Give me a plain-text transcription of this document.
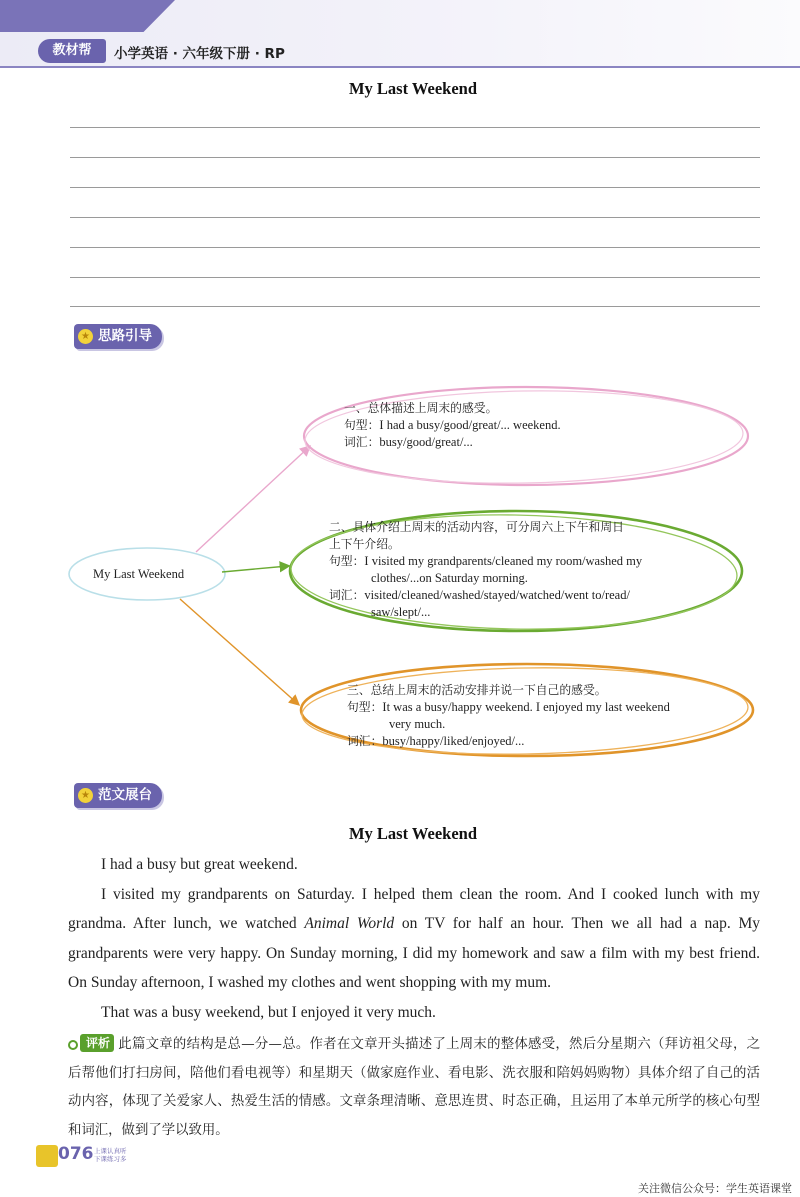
教材帮	小学英语 · 六年级下册 · RP
My Last Weekend
★ 思路引导
My Last Weekend
一、总体描述上周末的感受。
句型：I had a busy/good/great/... weekend.
词汇：busy/good/great/...
二、具体介绍上周末的活动内容，可分周六上下午和周日
上下午介绍。
句型：I visited my grandparents/cleaned my room/washed my
clothes/...on Saturday morning.
词汇：visited/cleaned/washed/stayed/watched/went to/read/
saw/slept/...
三、总结上周末的活动安排并说一下自己的感受。
句型：It was a busy/happy weekend. I enjoyed my last weekend
very much.
词汇：busy/happy/liked/enjoyed/...
★ 范文展台
My Last Weekend

I had a busy but great weekend.

I visited my grandparents on Saturday. I helped them clean the room. And I cooked lunch with my grandma. After lunch, we watched Animal World on TV for half an hour. Then we all had a nap. My grandparents were very happy. On Sunday morning, I did my homework and saw a film with my best friend. On Sunday afternoon, I washed my clothes and went shopping with my mum.

That was a busy weekend, but I enjoyed it very much.

评析 此篇文章的结构是总—分—总。作者在文章开头描述了上周末的整体感受，然后分星期六（拜访祖父母，之后帮他们打扫房间，陪他们看电视等）和星期天（做家庭作业、看电影、洗衣服和陪妈妈购物）具体介绍了自己的活动内容，体现了关爱家人、热爱生活的情感。文章条理清晰、意思连贯、时态正确，且运用了本单元所学的核心句型和词汇，做到了学以致用。
076 上课认真听
下课练习多
关注微信公众号：学生英语课堂
